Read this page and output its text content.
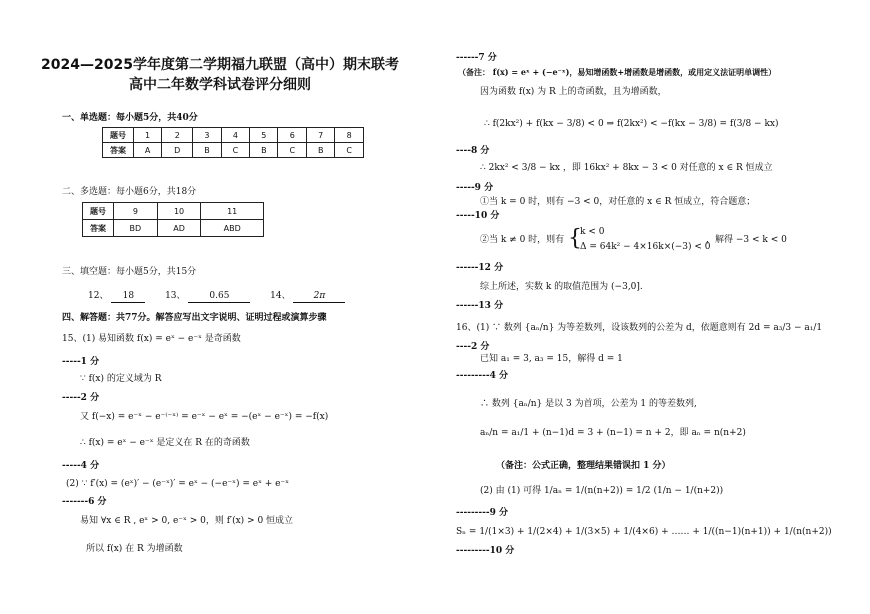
2024—2025学年度第二学期福九联盟（高中）期末联考
高中二年数学科试卷评分细则
一、单选题：每小题5分，共40分
题号	1	2	3	4	5	6	7	8
答案	A	D	B	C	B	C	B	C
二、多选题：每小题6分，共18分
题号	9	10	11
答案	BD	AD	ABD
三、填空题：每小题5分，共15分
12、 18	13、	0.65	14、	2π
四、解答题：共77分。解答应写出文字说明、证明过程或演算步骤
15、(1) 易知函数 f(x) = eˣ − e⁻ˣ 是奇函数
-----1 分
∵ f(x) 的定义域为 R
-----2 分
又 f(−x) = e⁻ˣ − e⁻⁽⁻ˣ⁾ = e⁻ˣ − eˣ = −(eˣ − e⁻ˣ) = −f(x)
∴ f(x) = eˣ − e⁻ˣ 是定义在 R 在的奇函数
-----4 分
(2) ∵ f′(x) = (eˣ)′ − (e⁻ˣ)′ = eˣ − (−e⁻ˣ) = eˣ + e⁻ˣ
-------6 分
易知 ∀x ∈ R , eˣ > 0, e⁻ˣ > 0，则 f′(x) > 0 恒成立
所以 f(x) 在 R 为增函数
------7 分
（备注： f(x) = eˣ + (−e⁻ˣ)，易知增函数+增函数是增函数，或用定义法证明单调性）
因为函数 f(x) 为 R 上的奇函数，且为增函数，
∴ f(2kx²) + f(kx − 3/8) < 0 ⇒ f(2kx²) < −f(kx − 3/8) = f(3/8 − kx)
----8 分
∴ 2kx² < 3/8 − kx ，即 16kx² + 8kx − 3 < 0 对任意的 x ∈ R 恒成立
-----9 分
①当 k = 0 时，则有 −3 < 0，对任意的 x ∈ R 恒成立，符合题意；
-----10 分
②当 k ≠ 0 时，则有 {
k < 0
Δ = 64k² − 4×16k×(−3) < 0
，解得 −3 < k < 0
------12 分
综上所述，实数 k 的取值范围为 (−3,0].
------13 分
16、(1) ∵ 数列 {aₙ/n} 为等差数列，设该数列的公差为 d，依题意则有 2d = a₃/3 − a₁/1
----2 分
已知 a₁ = 3, a₃ = 15，解得 d = 1
---------4 分
∴ 数列 {aₙ/n} 是以 3 为首项，公差为 1 的等差数列,
aₙ/n = a₁/1 + (n−1)d = 3 + (n−1) = n + 2，即 aₙ = n(n+2)
（备注：公式正确，整理结果错误扣 1 分）
(2) 由 (1) 可得 1/aₙ = 1/(n(n+2)) = 1/2 (1/n − 1/(n+2))
---------9 分
Sₙ = 1/(1×3) + 1/(2×4) + 1/(3×5) + 1/(4×6) + …… + 1/((n−1)(n+1)) + 1/(n(n+2))
---------10 分
